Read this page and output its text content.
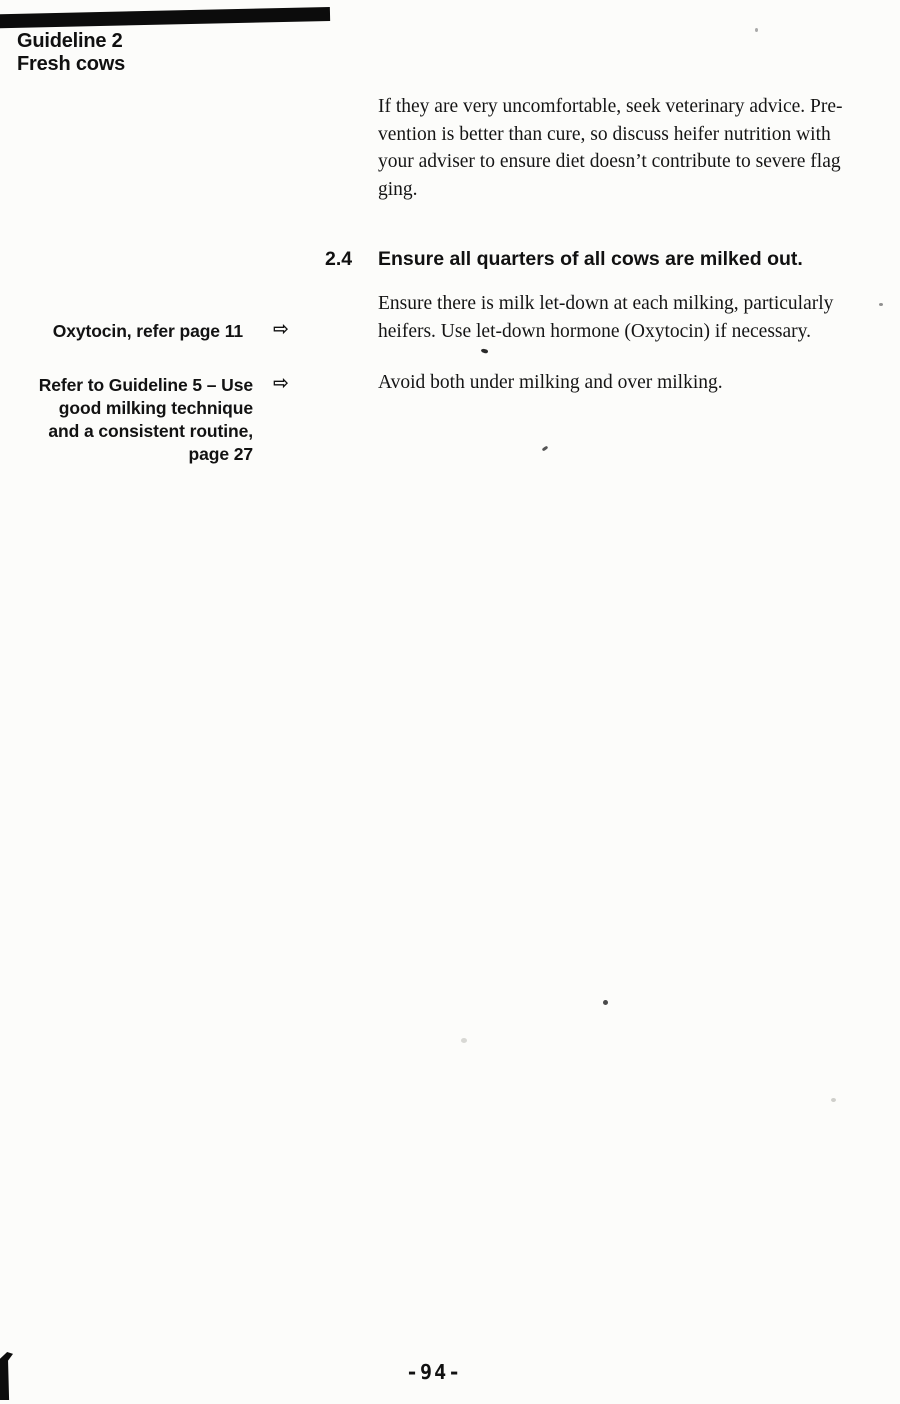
Guideline 2
Fresh cows
If they are very uncomfortable, seek veterinary advice. Pre-
vention is better than cure, so discuss heifer nutrition with
your adviser to ensure diet doesn’t contribute to severe flag
ging.
2.4 Ensure all quarters of all cows are milked out.
Ensure there is milk let-down at each milking, particularly
heifers. Use let-down hormone (Oxytocin) if necessary.
Oxytocin, refer page 11 ⇨
Refer to Guideline 5 – Use
good milking technique
and a consistent routine,
page 27
⇨	Avoid both under milking and over milking.
-94-
